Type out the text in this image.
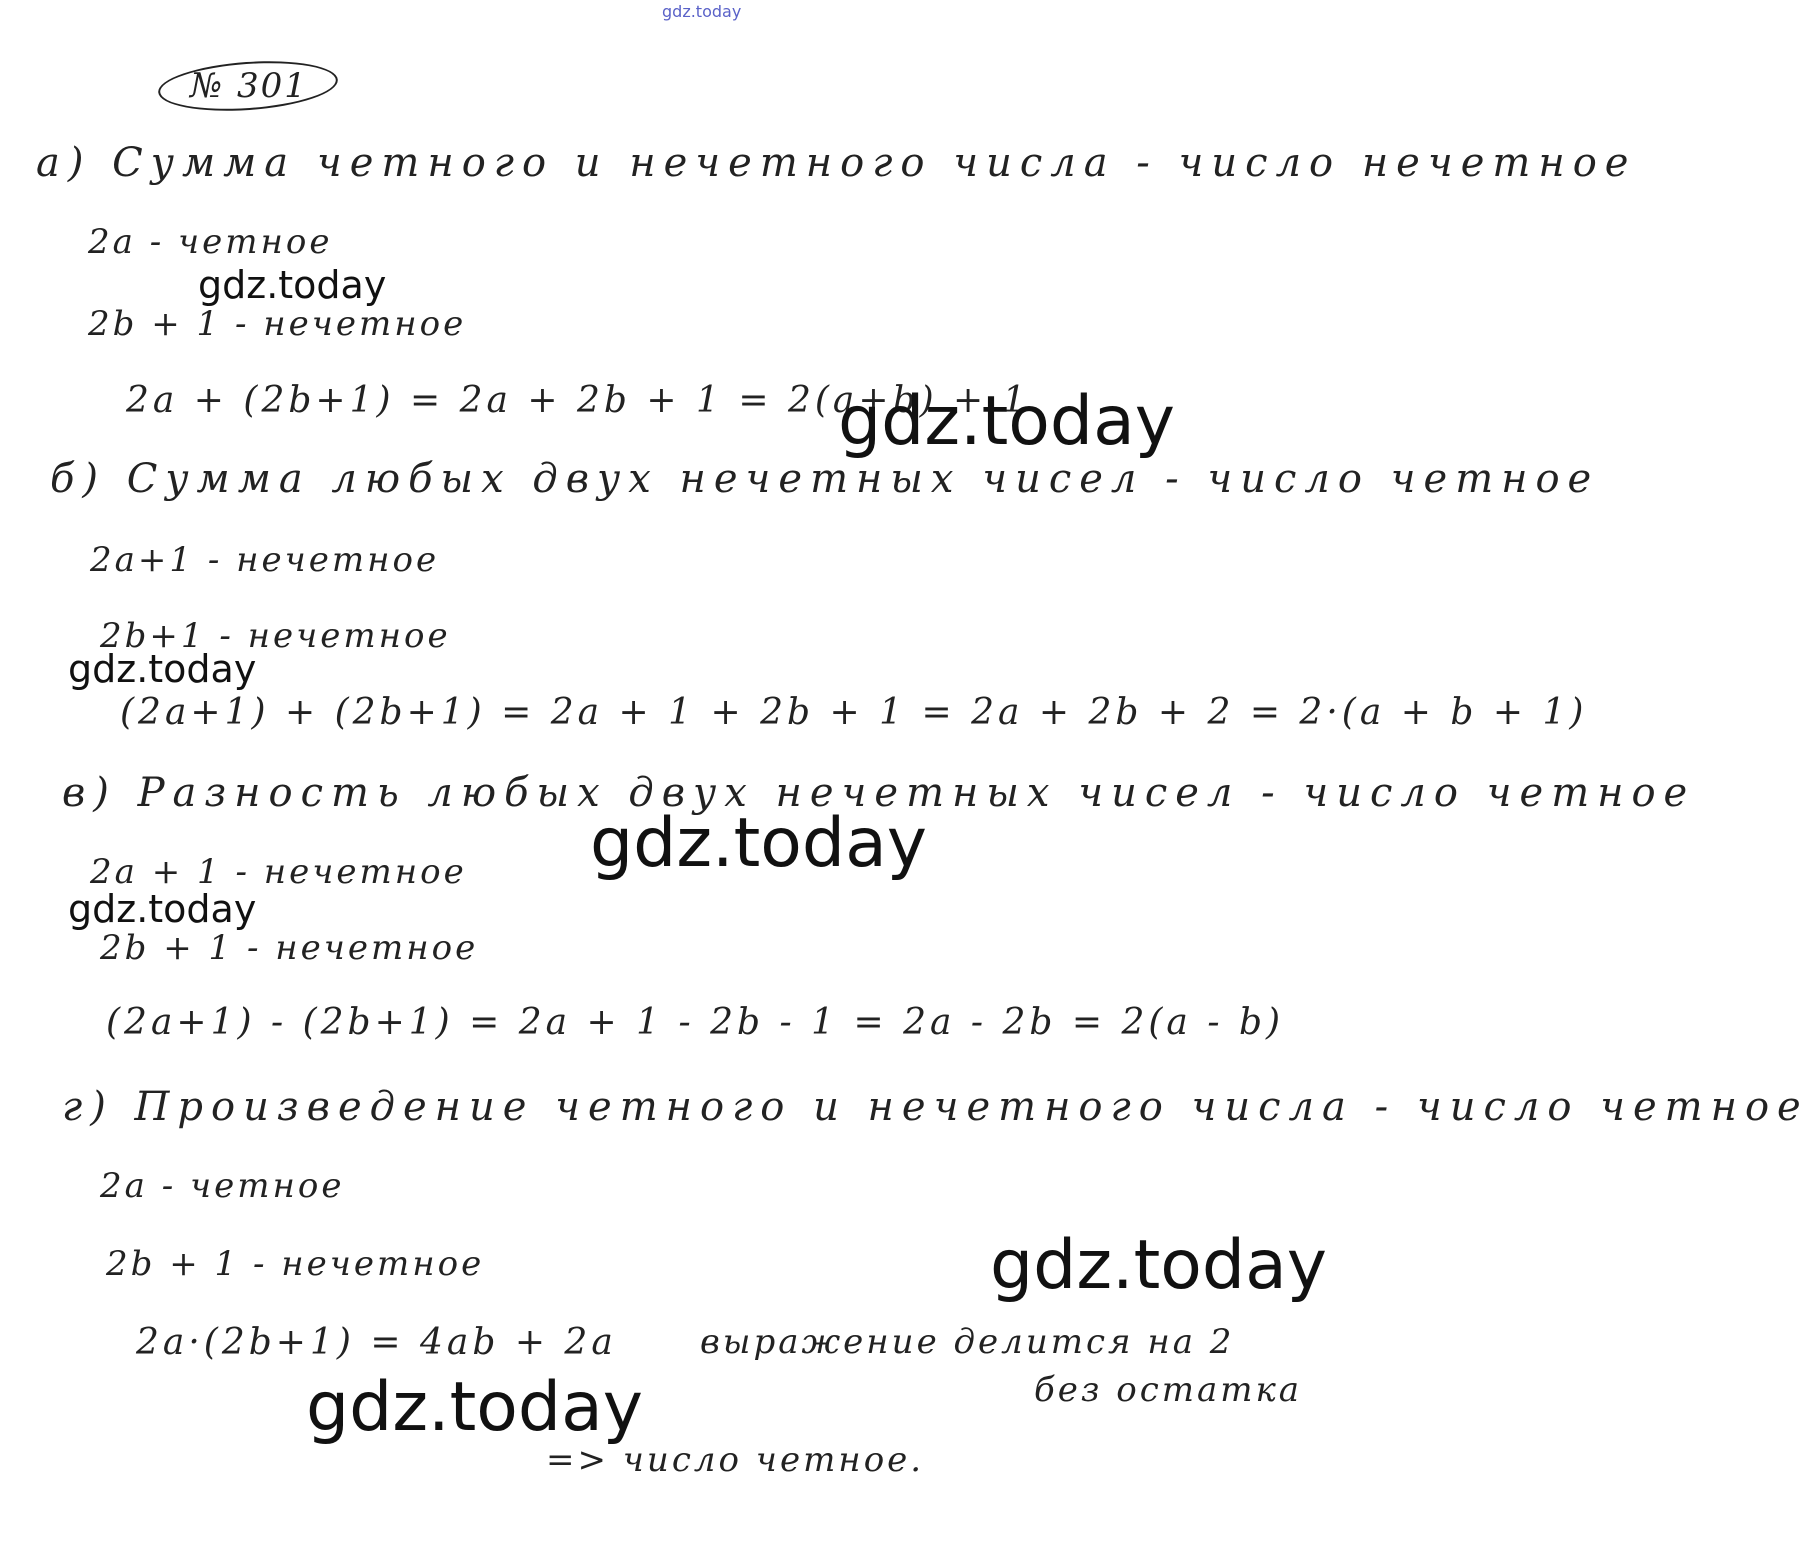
gdz.today
№ 301
а) Сумма четного и нечетного числа - число нечетное
2a - четное
gdz.today
2b + 1 - нечетное
2a + (2b+1) = 2a + 2b + 1 = 2(a+b) + 1
gdz.today
б) Сумма любых двух нечетных чисел - число четное
2a+1 - нечетное
2b+1 - нечетное
gdz.today
(2a+1) + (2b+1) = 2a + 1 + 2b + 1 = 2a + 2b + 2 = 2·(a + b + 1)
в) Разность любых двух нечетных чисел - число четное
gdz.today
2a + 1 - нечетное
gdz.today
2b + 1 - нечетное
(2a+1) - (2b+1) = 2a + 1 - 2b - 1 = 2a - 2b = 2(a - b)
г) Произведение четного и нечетного числа - число четное
2a - четное
gdz.today
2b + 1 - нечетное
2a·(2b+1) = 4ab + 2a выражение делится на 2
без остатка
gdz.today
=> число четное.
